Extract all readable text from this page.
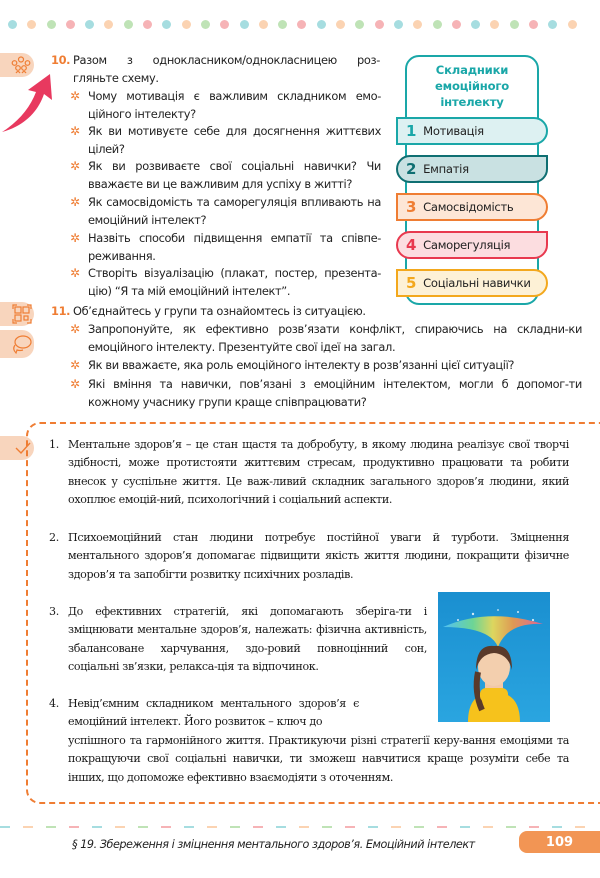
10. Разом з однокласником/однокласницею роз-
гляньте схему.
✲ Чому мотивація є важливим складником емо-ційного інтелекту?
✲ Як ви мотивуєте себе для досягнення життєвих цілей?
✲ Як ви розвиваєте свої соціальні навички? Чи вважаєте ви це важливим для успіху в житті?
✲ Як самосвідомість та саморегуляція впливають на емоційний інтелект?
✲ Назвіть способи підвищення емпатії та співпе-реживання.
✲ Створіть візуалізацію (плакат, постер, презента-цію) “Я та мій емоційний інтелект”.
Складники
емоційного
інтелекту
1 Мотивація
2 Емпатія
3 Самосвідомість
4 Саморегуляція
5 Соціальні навички
11. Об’єднайтесь у групи та ознайомтесь із ситуацією.
✲ Запропонуйте, як ефективно розв’язати конфлікт, спираючись на складни-ки емоційного інтелекту. Презентуйте свої ідеї на загал.
✲ Як ви вважаєте, яка роль емоційного інтелекту в розв’язанні цієї ситуації?
✲ Які вміння та навички, пов’язані з емоційним інтелектом, могли б допомог-ти кожному учаснику групи краще співпрацювати?
1. Ментальне здоров’я – це стан щастя та добробуту, в якому людина реалізує свої творчі здібності, може протистояти життєвим стресам, продуктивно працювати та робити внесок у суспільне життя. Це важ-ливий складник загального здоров’я людини, який охоплює емоцій-ний, психологічний і соціальний аспекти.
2. Психоемоційний стан людини потребує постійної уваги й турботи. Зміцнення ментального здоров’я допомагає підвищити якість життя людини, покращити фізичне здоров’я та запобігти розвитку психічних розладів.
3. До ефективних стратегій, які допомагають зберіга-ти і зміцнювати ментальне здоров’я, належать: фізична активність, збалансоване харчування, здо-ровий повноцінний сон, соціальні зв’язки, релакса-ція та відпочинок.
4. Невід’ємним складником ментального здоров’я є емоційний інтелект. Його розвиток – ключ до
успішного та гармонійного життя. Практикуючи різні стратегії керу-вання емоціями та покращуючи свої соціальні навички, ти зможеш навчитися краще розуміти себе та інших, що допоможе ефективно взаємодіяти з оточенням.
§ 19. Збереження і зміцнення ментального здоров’я. Емоційний інтелект	109
